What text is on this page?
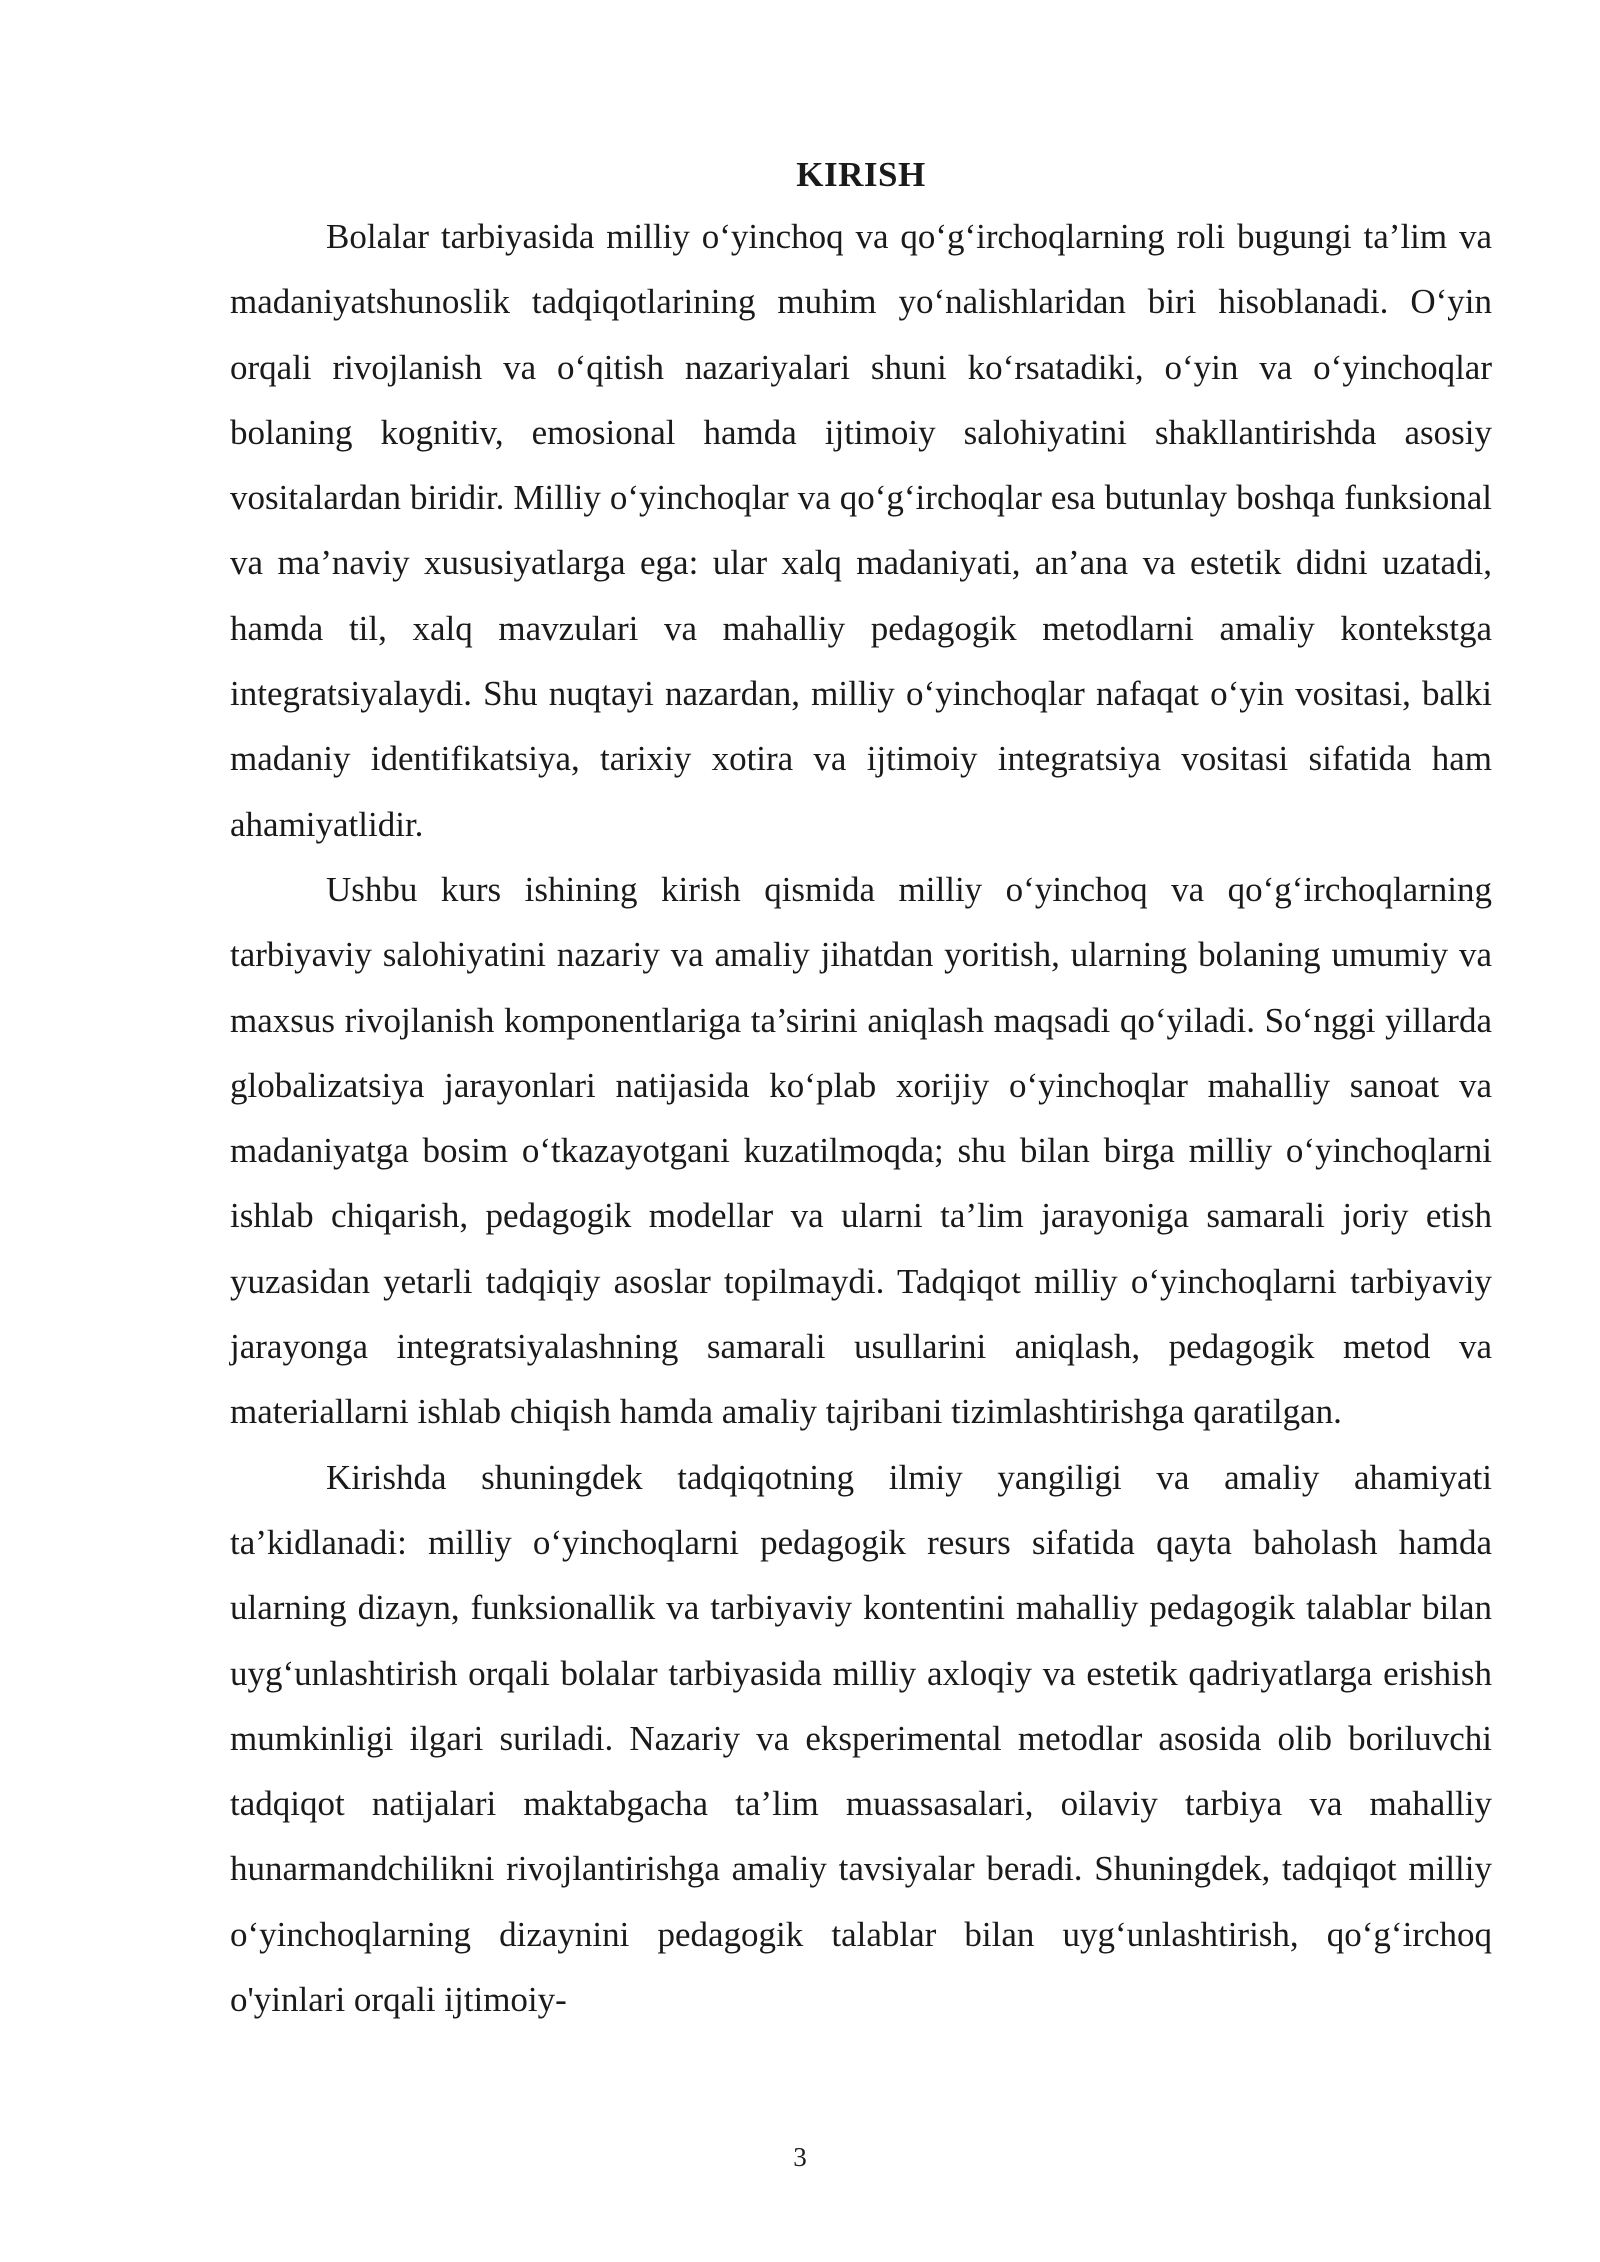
KIRISH

Bolalar tarbiyasida milliy o‘yinchoq va qo‘g‘irchoqlarning roli bugungi ta’lim va madaniyatshunoslik tadqiqotlarining muhim yo‘nalishlaridan biri hisoblanadi. O‘yin orqali rivojlanish va o‘qitish nazariyalari shuni ko‘rsatadiki, o‘yin va o‘yinchoqlar bolaning kognitiv, emosional hamda ijtimoiy salohiyatini shakllantirishda asosiy vositalardan biridir. Milliy o‘yinchoqlar va qo‘g‘irchoqlar esa butunlay boshqa funksional va ma’naviy xususiyatlarga ega: ular xalq madaniyati, an’ana va estetik didni uzatadi, hamda til, xalq mavzulari va mahalliy pedagogik metodlarni amaliy kontekstga integratsiyalaydi. Shu nuqtayi nazardan, milliy o‘yinchoqlar nafaqat o‘yin vositasi, balki madaniy identifikatsiya, tarixiy xotira va ijtimoiy integratsiya vositasi sifatida ham ahamiyatlidir.

Ushbu kurs ishining kirish qismida milliy o‘yinchoq va qo‘g‘irchoqlarning tarbiyaviy salohiyatini nazariy va amaliy jihatdan yoritish, ularning bolaning umumiy va maxsus rivojlanish komponentlariga ta’sirini aniqlash maqsadi qo‘yiladi. So‘nggi yillarda globalizatsiya jarayonlari natijasida ko‘plab xorijiy o‘yinchoqlar mahalliy sanoat va madaniyatga bosim o‘tkazayotgani kuzatilmoqda; shu bilan birga milliy o‘yinchoqlarni ishlab chiqarish, pedagogik modellar va ularni ta’lim jarayoniga samarali joriy etish yuzasidan yetarli tadqiqiy asoslar topilmaydi. Tadqiqot milliy o‘yinchoqlarni tarbiyaviy jarayonga integratsiyalashning samarali usullarini aniqlash, pedagogik metod va materiallarni ishlab chiqish hamda amaliy tajribani tizimlashtirishga qaratilgan.

Kirishda shuningdek tadqiqotning ilmiy yangiligi va amaliy ahamiyati ta’kidlanadi: milliy o‘yinchoqlarni pedagogik resurs sifatida qayta baholash hamda ularning dizayn, funksionallik va tarbiyaviy kontentini mahalliy pedagogik talablar bilan uyg‘unlashtirish orqali bolalar tarbiyasida milliy axloqiy va estetik qadriyatlarga erishish mumkinligi ilgari suriladi. Nazariy va eksperimental metodlar asosida olib boriluvchi tadqiqot natijalari maktabgacha ta’lim muassasalari, oilaviy tarbiya va mahalliy hunarmandchilikni rivojlantirishga amaliy tavsiyalar beradi. Shuningdek, tadqiqot milliy o‘yinchoqlarning dizaynini pedagogik talablar bilan uyg‘unlashtirish, qo‘g‘irchoq o'yinlari orqali ijtimoiy-

3
